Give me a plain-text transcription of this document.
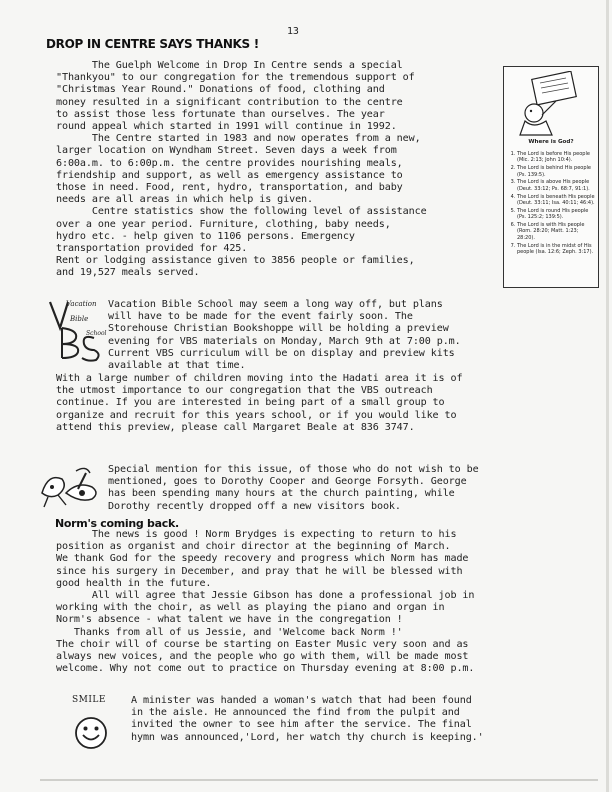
13
DROP IN CENTRE SAYS THANKS !
The Guelph Welcome in Drop In Centre sends a special
"Thankyou" to our congregation for the tremendous support of
"Christmas Year Round." Donations of food, clothing and
money resulted in a significant contribution to the centre
to assist those less fortunate than ourselves. The year
round appeal which started in 1991 will continue in 1992.
The Centre started in 1983 and now operates from a new,
larger location on Wyndham Street. Seven days a week from
6:00a.m. to 6:00p.m. the centre provides nourishing meals,
friendship and support, as well as emergency assistance to
those in need. Food, rent, hydro, transportation, and baby
needs are all areas in which help is given.
Centre statistics show the following level of assistance
over a one year period. Furniture, clothing, baby needs,
hydro etc. - help given to 1106 persons. Emergency
transportation provided for 425.
Rent or lodging assistance given to 3856 people or families,
and 19,527 meals served.
Where is God?
1. The Lord is before His people (Mic. 2:13; John 10:4).
2. The Lord is behind His people (Ps. 139:5).
3. The Lord is above His people (Deut. 33:12; Ps. 68:7, 91:1).
4. The Lord is beneath His people (Deut. 33:11; Isa. 40:11; 46:4).
5. The Lord is round His people (Ps. 125:2; 139:5).
6. The Lord is with His people (Rom. 28:20; Matt. 1:23; 28:20).
7. The Lord is in the midst of His people (Isa. 12:6; Zeph. 3:17).
Vacation
Bible
School
Vacation Bible School may seem a long way off, but plans
will have to be made for the event fairly soon. The
Storehouse Christian Bookshoppe will be holding a preview
evening for VBS materials on Monday, March 9th at 7:00 p.m.
Current VBS curriculum will be on display and preview kits
available at that time.
With a large number of children moving into the Hadati area it is of
the utmost importance to our congregation that the VBS outreach
continue. If you are interested in being part of a small group to
organize and recruit for this years school, or if you would like to
attend this preview, please call Margaret Beale at 836 3747.
Special mention for this issue, of those who do not wish to be
mentioned, goes to Dorothy Cooper and George Forsyth. George
has been spending many hours at the church painting, while
Dorothy recently dropped off a new visitors book.
Norm's coming back.
The news is good ! Norm Brydges is expecting to return to his
position as organist and choir director at the beginning of March.
We thank God for the speedy recovery and progress which Norm has made
since his surgery in December, and pray that he will be blessed with
good health in the future.
All will agree that Jessie Gibson has done a professional job in
working with the choir, as well as playing the piano and organ in
Norm's absence - what talent we have in the congregation !
Thanks from all of us Jessie, and 'Welcome back Norm !'
The choir will of course be starting on Easter Music very soon and as
always new voices, and the people who go with them, will be made most
welcome. Why not come out to practice on Thursday evening at 8:00 p.m.
SMILE A minister was handed a woman's watch that had been found
in the aisle. He announced the find from the pulpit and
invited the owner to see him after the service. The final
hymn was announced,'Lord, her watch thy church is keeping.'
